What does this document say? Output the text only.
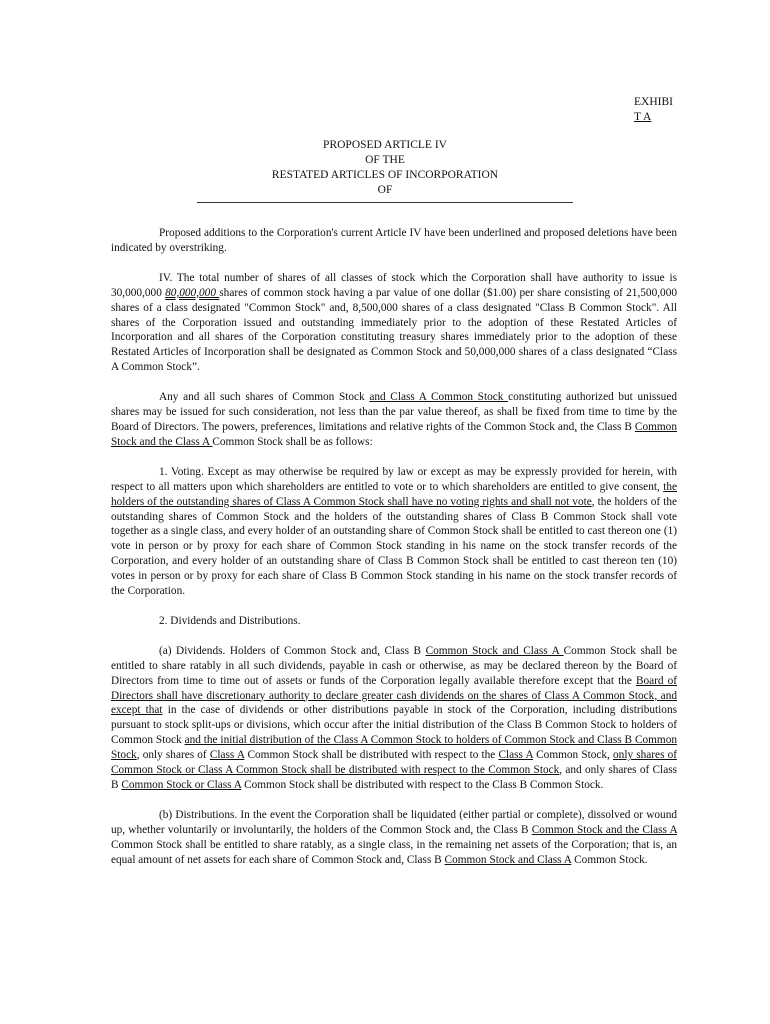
EXHIBI
T A
PROPOSED ARTICLE IV
OF THE
RESTATED ARTICLES OF INCORPORATION
OF

Proposed additions to the Corporation's current Article IV have been underlined and proposed deletions have been indicated by overstriking.

IV. The total number of shares of all classes of stock which the Corporation shall have authority to issue is 30,000,000 80,000,000 shares of common stock having a par value of one dollar ($1.00) per share consisting of 21,500,000 shares of a class designated "Common Stock" and, 8,500,000 shares of a class designated "Class B Common Stock". All shares of the Corporation issued and outstanding immediately prior to the adoption of these Restated Articles of Incorporation and all shares of the Corporation constituting treasury shares immediately prior to the adoption of these Restated Articles of Incorporation shall be designated as Common Stock and 50,000,000 shares of a class designated “Class A Common Stock”.

Any and all such shares of Common Stock and Class A Common Stock constituting authorized but unissued shares may be issued for such consideration, not less than the par value thereof, as shall be fixed from time to time by the Board of Directors. The powers, preferences, limitations and relative rights of the Common Stock and, the Class B Common Stock and the Class A Common Stock shall be as follows:

1. Voting. Except as may otherwise be required by law or except as may be expressly provided for herein, with respect to all matters upon which shareholders are entitled to vote or to which shareholders are entitled to give consent, the holders of the outstanding shares of Class A Common Stock shall have no voting rights and shall not vote, the holders of the outstanding shares of Common Stock and the holders of the outstanding shares of Class B Common Stock shall vote together as a single class, and every holder of an outstanding share of Common Stock shall be entitled to cast thereon one (1) vote in person or by proxy for each share of Common Stock standing in his name on the stock transfer records of the Corporation, and every holder of an outstanding share of Class B Common Stock shall be entitled to cast thereon ten (10) votes in person or by proxy for each share of Class B Common Stock standing in his name on the stock transfer records of the Corporation.

2. Dividends and Distributions.

(a) Dividends. Holders of Common Stock and, Class B Common Stock and Class A Common Stock shall be entitled to share ratably in all such dividends, payable in cash or otherwise, as may be declared thereon by the Board of Directors from time to time out of assets or funds of the Corporation legally available therefore except that the Board of Directors shall have discretionary authority to declare greater cash dividends on the shares of Class A Common Stock, and except that in the case of dividends or other distributions payable in stock of the Corporation, including distributions pursuant to stock split-ups or divisions, which occur after the initial distribution of the Class B Common Stock to holders of Common Stock and the initial distribution of the Class A Common Stock to holders of Common Stock and Class B Common Stock, only shares of Class A Common Stock shall be distributed with respect to the Class A Common Stock, only shares of Common Stock or Class A Common Stock shall be distributed with respect to the Common Stock, and only shares of Class B Common Stock or Class A Common Stock shall be distributed with respect to the Class B Common Stock.

(b) Distributions. In the event the Corporation shall be liquidated (either partial or complete), dissolved or wound up, whether voluntarily or involuntarily, the holders of the Common Stock and, the Class B Common Stock and the Class A Common Stock shall be entitled to share ratably, as a single class, in the remaining net assets of the Corporation; that is, an equal amount of net assets for each share of Common Stock and, Class B Common Stock and Class A Common Stock.
